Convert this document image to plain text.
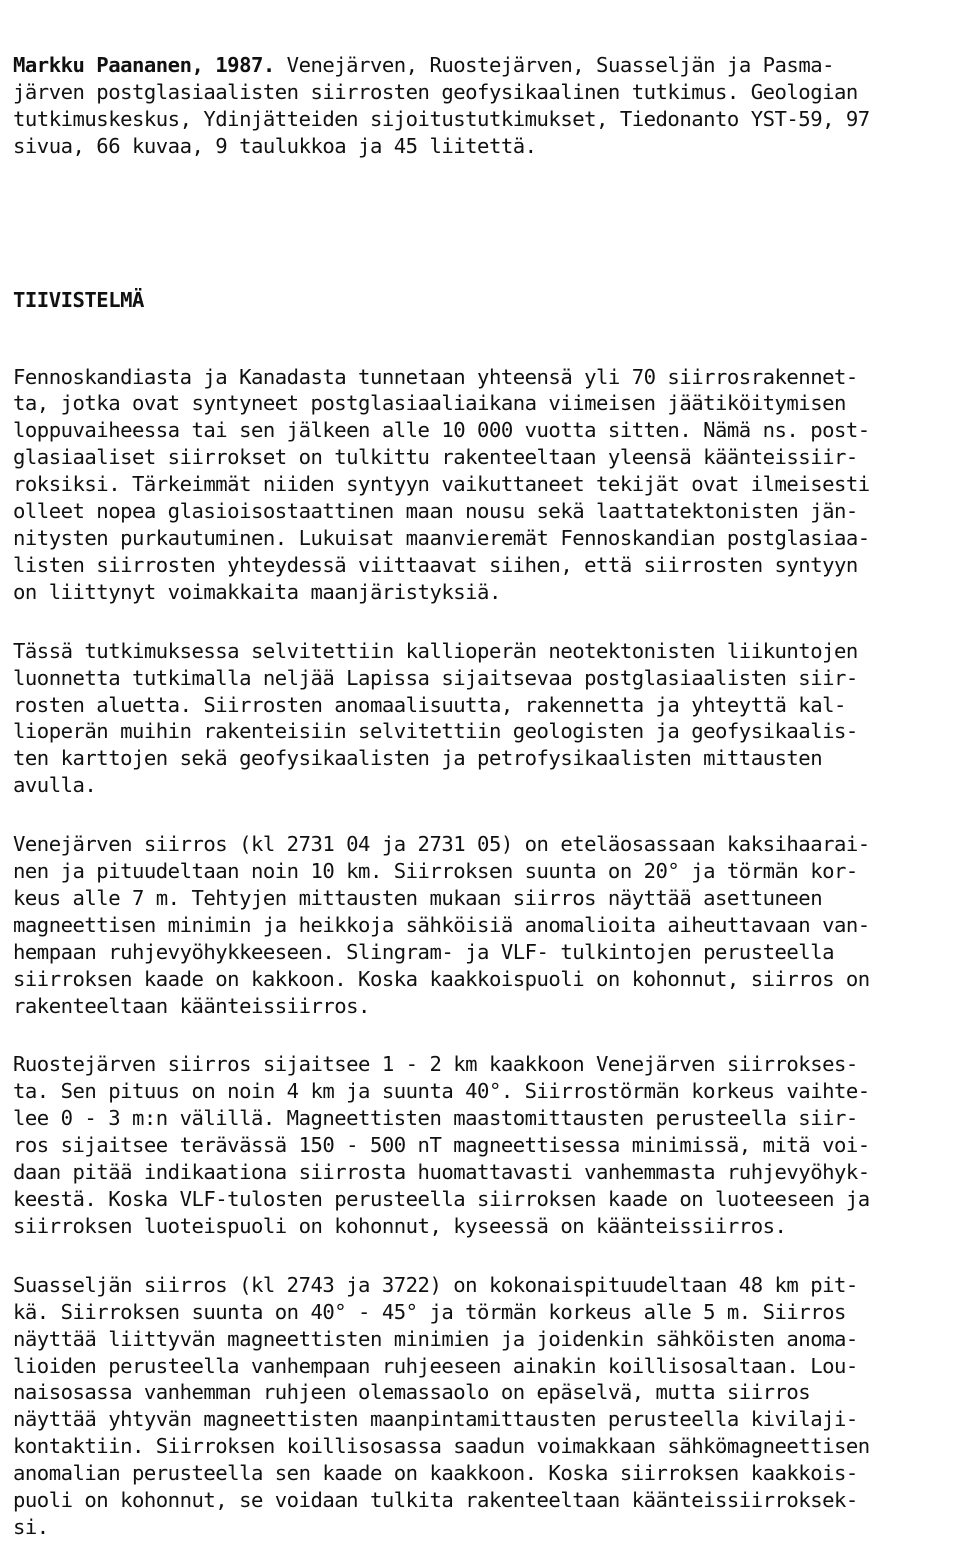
Markku Paananen, 1987. Venejärven, Ruostejärven, Suasseljän ja Pasma-
järven postglasiaalisten siirrosten geofysikaalinen tutkimus. Geologian
tutkimuskeskus, Ydinjätteiden sijoitustutkimukset, Tiedonanto YST-59, 97
sivua, 66 kuvaa, 9 taulukkoa ja 45 liitettä.
TIIVISTELMÄ
Fennoskandiasta ja Kanadasta tunnetaan yhteensä yli 70 siirrosrakennet-
ta, jotka ovat syntyneet postglasiaaliaikana viimeisen jäätiköitymisen
loppuvaiheessa tai sen jälkeen alle 10 000 vuotta sitten. Nämä ns. post-
glasiaaliset siirrokset on tulkittu rakenteeltaan yleensä käänteissiir-
roksiksi. Tärkeimmät niiden syntyyn vaikuttaneet tekijät ovat ilmeisesti
olleet nopea glasioisostaattinen maan nousu sekä laattatektonisten jän-
nitysten purkautuminen. Lukuisat maanvieremät Fennoskandian postglasiaa-
listen siirrosten yhteydessä viittaavat siihen, että siirrosten syntyyn
on liittynyt voimakkaita maanjäristyksiä.
Tässä tutkimuksessa selvitettiin kallioperän neotektonisten liikuntojen
luonnetta tutkimalla neljää Lapissa sijaitsevaa postglasiaalisten siir-
rosten aluetta. Siirrosten anomaalisuutta, rakennetta ja yhteyttä kal-
lioperän muihin rakenteisiin selvitettiin geologisten ja geofysikaalis-
ten karttojen sekä geofysikaalisten ja petrofysikaalisten mittausten
avulla.
Venejärven siirros (kl 2731 04 ja 2731 05) on eteläosassaan kaksihaarai-
nen ja pituudeltaan noin 10 km. Siirroksen suunta on 20° ja törmän kor-
keus alle 7 m. Tehtyjen mittausten mukaan siirros näyttää asettuneen
magneettisen minimin ja heikkoja sähköisiä anomalioita aiheuttavaan van-
hempaan ruhjevyöhykkeeseen. Slingram- ja VLF- tulkintojen perusteella
siirroksen kaade on kakkoon. Koska kaakkoispuoli on kohonnut, siirros on
rakenteeltaan käänteissiirros.
Ruostejärven siirros sijaitsee 1 - 2 km kaakkoon Venejärven siirrokses-
ta. Sen pituus on noin 4 km ja suunta 40°. Siirrostörmän korkeus vaihte-
lee 0 - 3 m:n välillä. Magneettisten maastomittausten perusteella siir-
ros sijaitsee terävässä 150 - 500 nT magneettisessa minimissä, mitä voi-
daan pitää indikaationa siirrosta huomattavasti vanhemmasta ruhjevyöhyk-
keestä. Koska VLF-tulosten perusteella siirroksen kaade on luoteeseen ja
siirroksen luoteispuoli on kohonnut, kyseessä on käänteissiirros.
Suasseljän siirros (kl 2743 ja 3722) on kokonaispituudeltaan 48 km pit-
kä. Siirroksen suunta on 40° - 45° ja törmän korkeus alle 5 m. Siirros
näyttää liittyvän magneettisten minimien ja joidenkin sähköisten anoma-
lioiden perusteella vanhempaan ruhjeeseen ainakin koillisosaltaan. Lou-
naisosassa vanhemman ruhjeen olemassaolo on epäselvä, mutta siirros
näyttää yhtyvän magneettisten maanpintamittausten perusteella kivilaji-
kontaktiin. Siirroksen koillisosassa saadun voimakkaan sähkömagneettisen
anomalian perusteella sen kaade on kaakkoon. Koska siirroksen kaakkois-
puoli on kohonnut, se voidaan tulkita rakenteeltaan käänteissiirroksek-
si.
